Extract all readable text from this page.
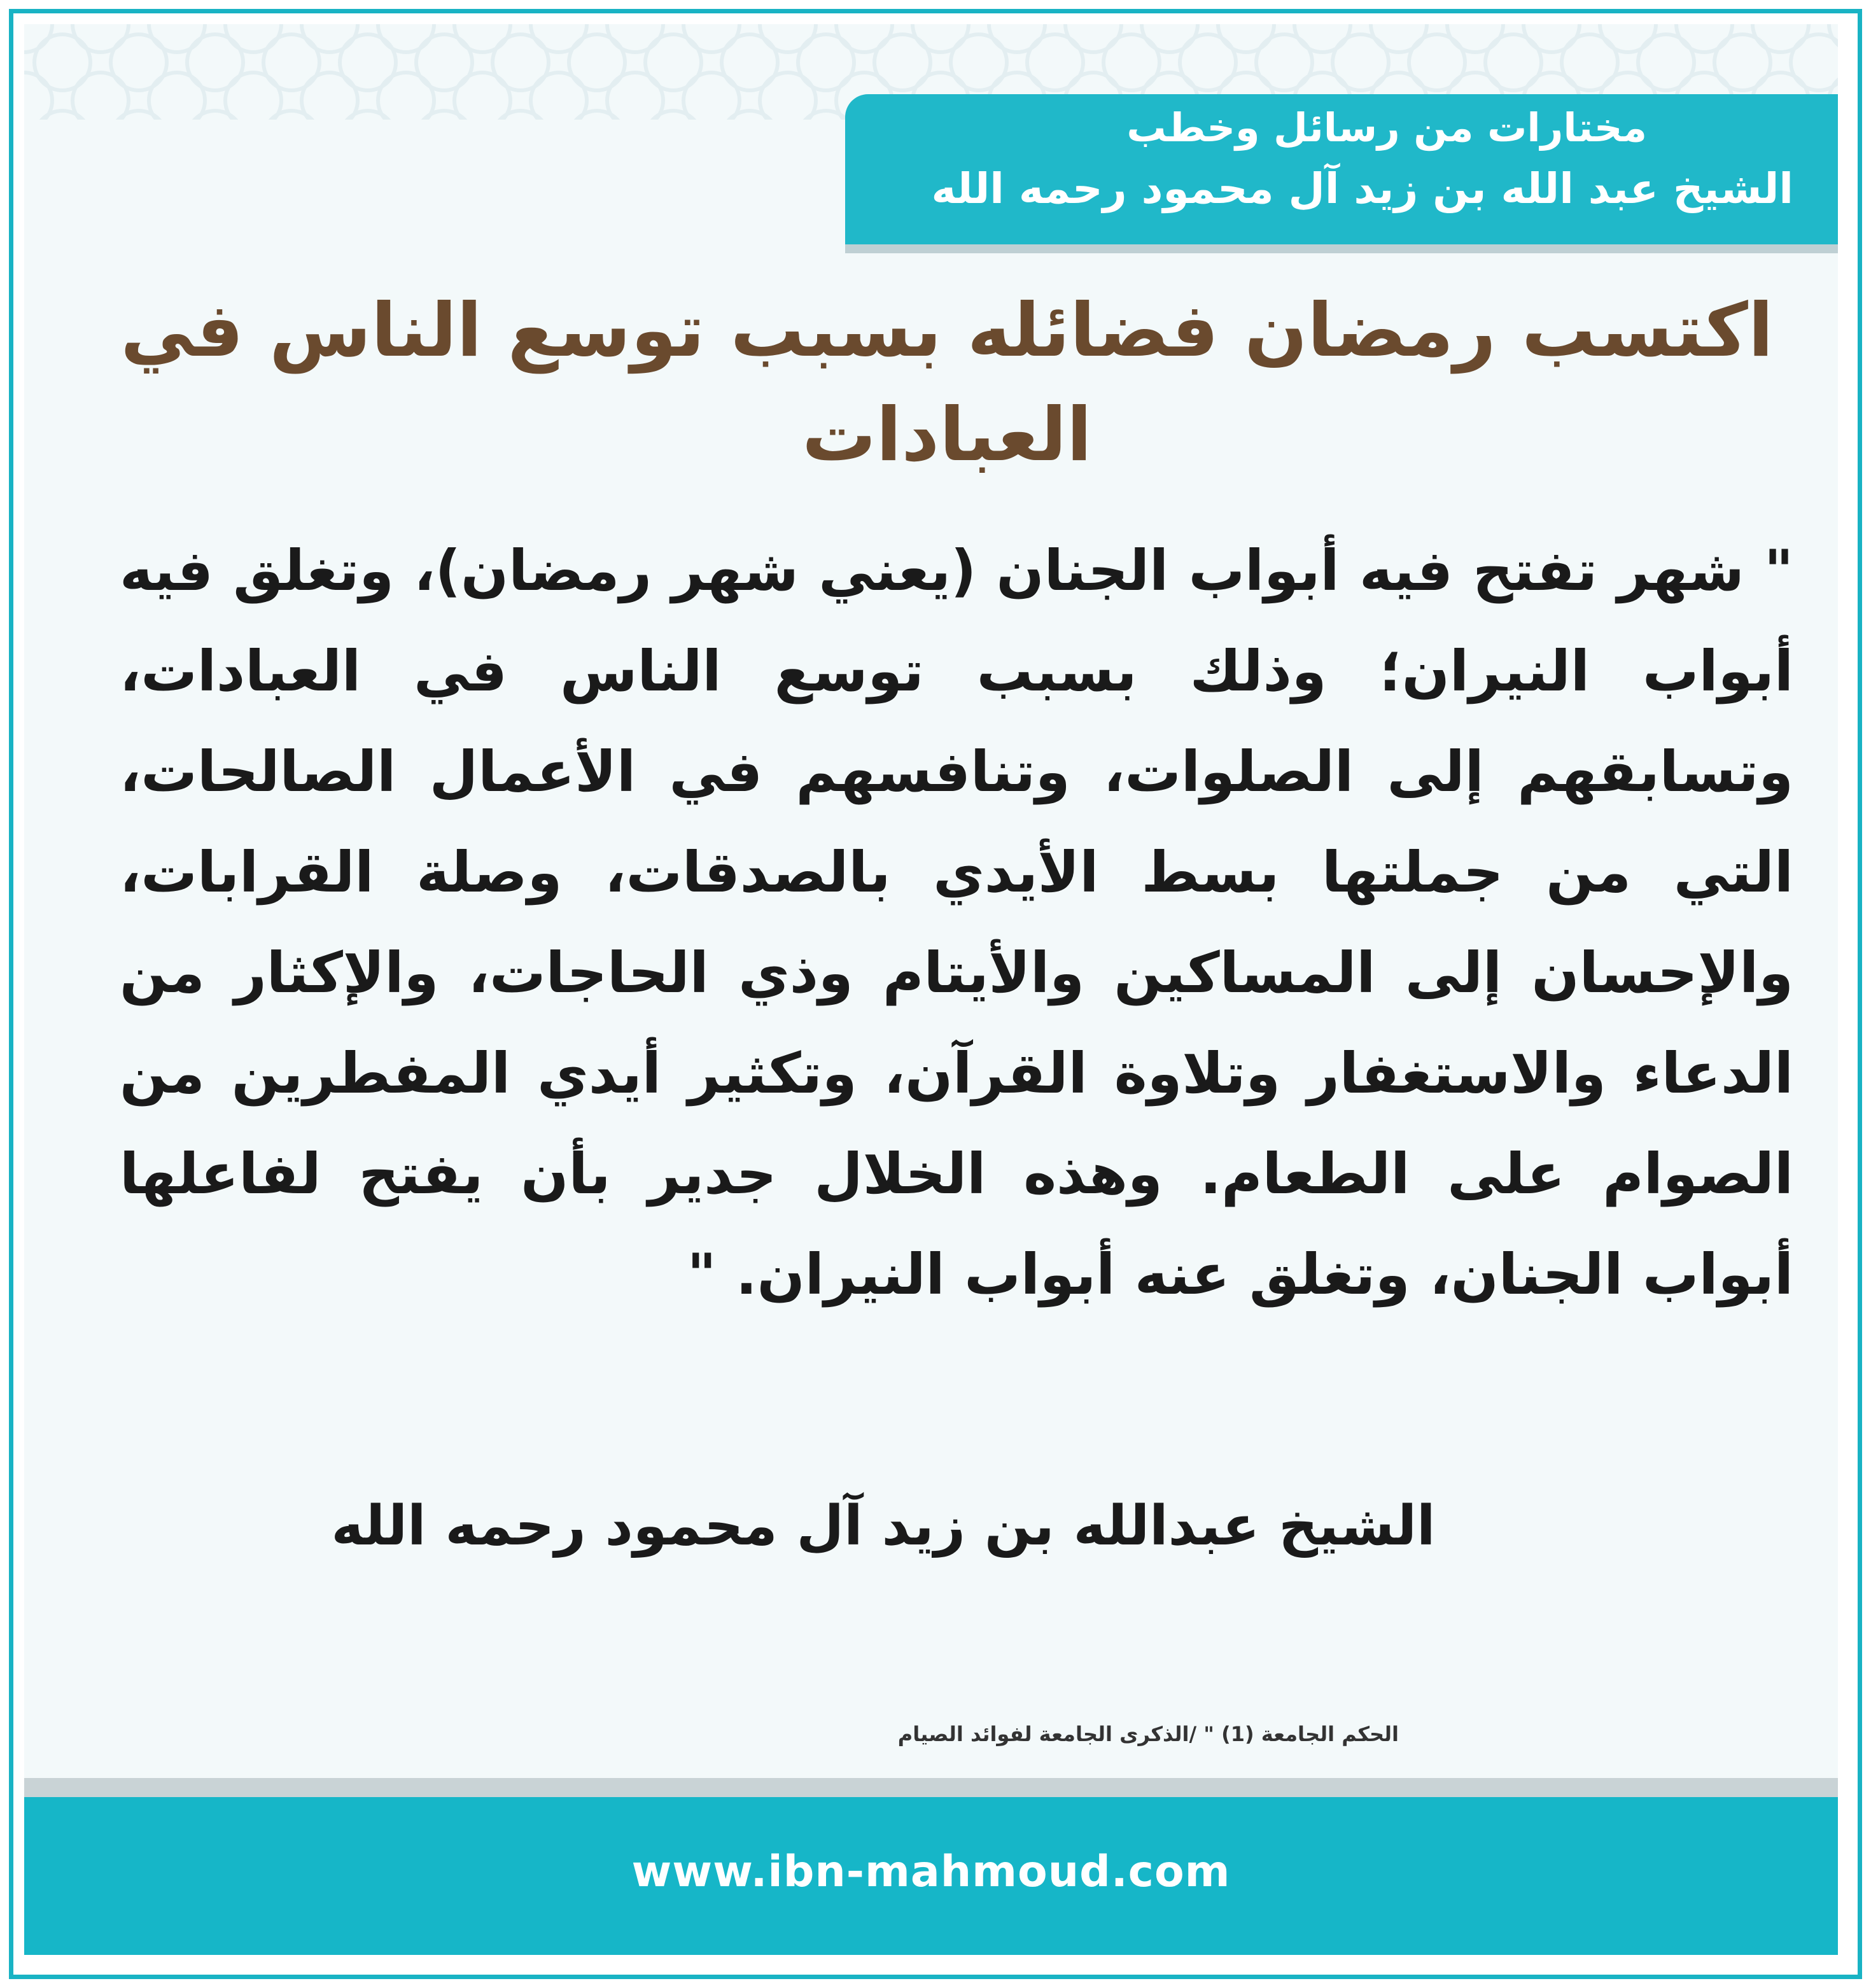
مختارات من رسائل وخطب
الشيخ عبد الله بن زيد آل محمود رحمه الله
اكتسب رمضان فضائله بسبب توسع الناس في العبادات
" شهر تفتح فيه أبواب الجنان (يعني شهر رمضان)، وتغلق فيه أبواب النيران؛ وذلك بسبب توسع الناس في العبادات، وتسابقهم إلى الصلوات، وتنافسهم في الأعمال الصالحات، التي من جملتها بسط الأيدي بالصدقات، وصلة القرابات، والإحسان إلى المساكين والأيتام وذي الحاجات، والإكثار من الدعاء والاستغفار وتلاوة القرآن، وتكثير أيدي المفطرين من الصوام على الطعام. وهذه الخلال جدير بأن يفتح لفاعلها أبواب الجنان، وتغلق عنه أبواب النيران. "
الشيخ عبدالله بن زيد آل محمود رحمه الله
الحكم الجامعة (1) " /الذكرى الجامعة لفوائد الصيام
www.ibn-mahmoud.com
